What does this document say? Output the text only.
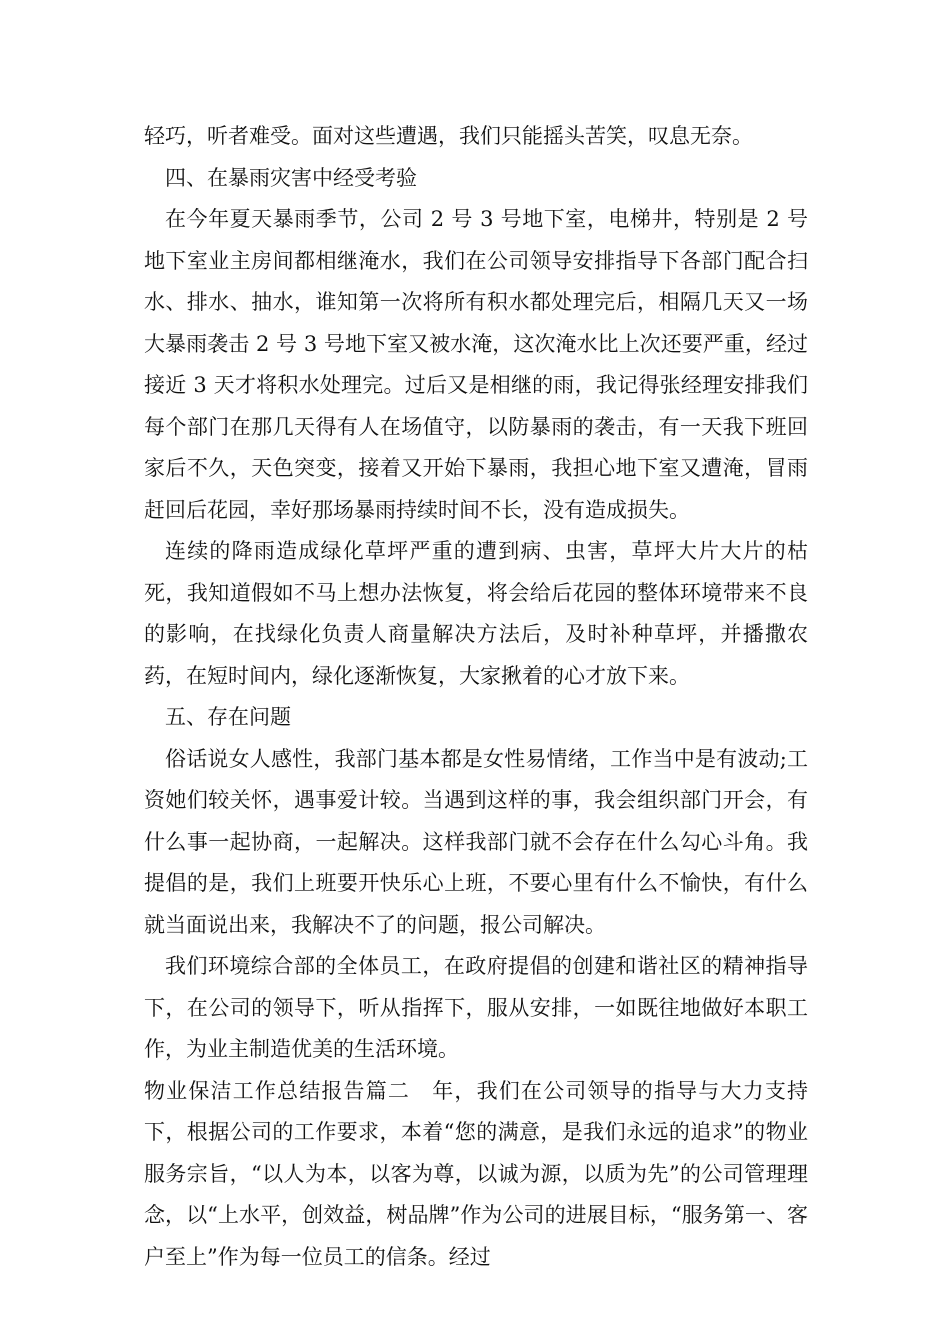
轻巧，听者难受。面对这些遭遇，我们只能摇头苦笑，叹息无奈。

四、在暴雨灾害中经受考验

在今年夏天暴雨季节，公司 2 号 3 号地下室，电梯井，特别是 2 号地下室业主房间都相继淹水，我们在公司领导安排指导下各部门配合扫水、排水、抽水，谁知第一次将所有积水都处理完后，相隔几天又一场大暴雨袭击 2 号 3 号地下室又被水淹，这次淹水比上次还要严重，经过接近 3 天才将积水处理完。过后又是相继的雨，我记得张经理安排我们每个部门在那几天得有人在场值守，以防暴雨的袭击，有一天我下班回家后不久，天色突变，接着又开始下暴雨，我担心地下室又遭淹，冒雨赶回后花园，幸好那场暴雨持续时间不长，没有造成损失。

连续的降雨造成绿化草坪严重的遭到病、虫害，草坪大片大片的枯死，我知道假如不马上想办法恢复，将会给后花园的整体环境带来不良的影响，在找绿化负责人商量解决方法后，及时补种草坪，并播撒农药，在短时间内，绿化逐渐恢复，大家揪着的心才放下来。

五、存在问题

俗话说女人感性，我部门基本都是女性易情绪，工作当中是有波动;工资她们较关怀，遇事爱计较。当遇到这样的事，我会组织部门开会，有什么事一起协商，一起解决。这样我部门就不会存在什么勾心斗角。我提倡的是，我们上班要开快乐心上班，不要心里有什么不愉快，有什么就当面说出来，我解决不了的问题，报公司解决。

我们环境综合部的全体员工，在政府提倡的创建和谐社区的精神指导下，在公司的领导下，听从指挥下，服从安排，一如既往地做好本职工作，为业主制造优美的生活环境。

物业保洁工作总结报告篇二　年，我们在公司领导的指导与大力支持下，根据公司的工作要求，本着“您的满意，是我们永远的追求”的物业服务宗旨，“以人为本，以客为尊，以诚为源，以质为先”的公司管理理念，以“上水平，创效益，树品牌”作为公司的进展目标，“服务第一、客户至上”作为每一位员工的信条。经过
